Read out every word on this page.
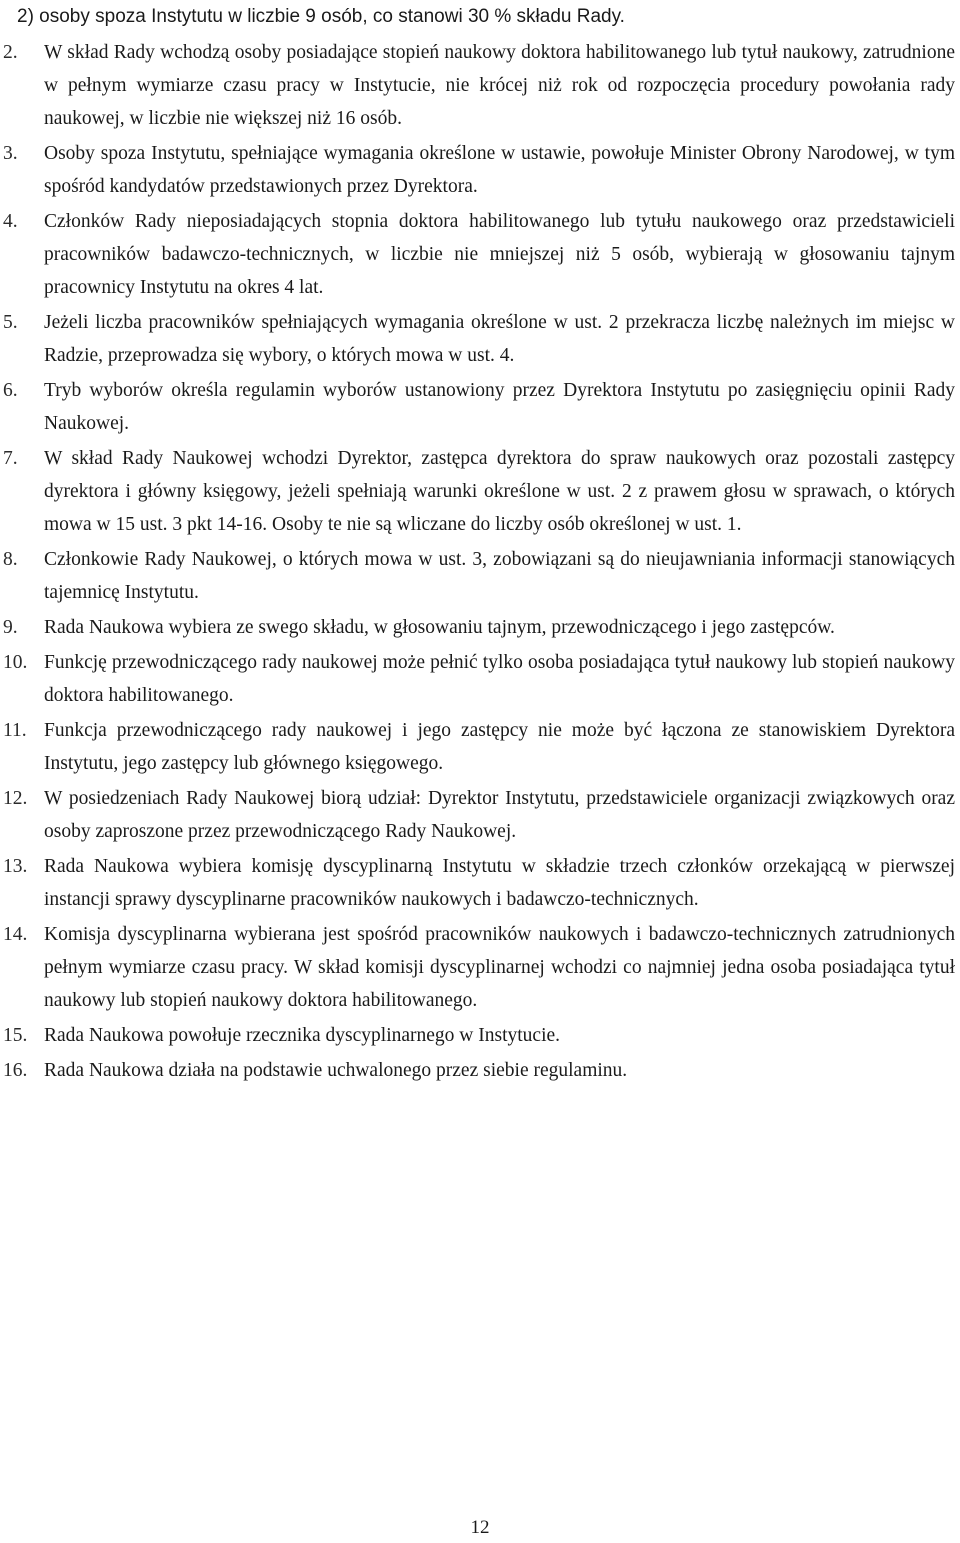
2) osoby spoza Instytutu w liczbie 9 osób, co stanowi 30 % składu Rady.
2. W skład Rady wchodzą osoby posiadające stopień naukowy doktora habilitowanego lub tytuł naukowy, zatrudnione w pełnym wymiarze czasu pracy w Instytucie, nie krócej niż rok od rozpoczęcia procedury powołania rady naukowej, w liczbie nie większej niż 16 osób.
3. Osoby spoza Instytutu, spełniające wymagania określone w ustawie, powołuje Minister Obrony Narodowej, w tym spośród kandydatów przedstawionych przez Dyrektora.
4. Członków Rady nieposiadających stopnia doktora habilitowanego lub tytułu naukowego oraz przedstawicieli pracowników badawczo-technicznych, w liczbie nie mniejszej niż 5 osób, wybierają w głosowaniu tajnym pracownicy Instytutu na okres 4 lat.
5. Jeżeli liczba pracowników spełniających wymagania określone w ust. 2 przekracza liczbę należnych im miejsc w Radzie, przeprowadza się wybory, o których mowa w ust. 4.
6. Tryb wyborów określa regulamin wyborów ustanowiony przez Dyrektora Instytutu po zasięgnięciu opinii Rady Naukowej.
7. W skład Rady Naukowej wchodzi Dyrektor, zastępca dyrektora do spraw naukowych oraz pozostali zastępcy dyrektora i główny księgowy, jeżeli spełniają warunki określone w ust. 2 z prawem głosu w sprawach, o których mowa w 15 ust. 3 pkt 14-16. Osoby te nie są wliczane do liczby osób określonej w ust. 1.
8. Członkowie Rady Naukowej, o których mowa w ust. 3, zobowiązani są do nieujawniania informacji stanowiących tajemnicę Instytutu.
9. Rada Naukowa wybiera ze swego składu, w głosowaniu tajnym, przewodniczącego i jego zastępców.
10. Funkcję przewodniczącego rady naukowej może pełnić tylko osoba posiadająca tytuł naukowy lub stopień naukowy doktora habilitowanego.
11. Funkcja przewodniczącego rady naukowej i jego zastępcy nie może być łączona ze stanowiskiem Dyrektora Instytutu, jego zastępcy lub głównego księgowego.
12. W posiedzeniach Rady Naukowej biorą udział: Dyrektor Instytutu, przedstawiciele organizacji związkowych oraz osoby zaproszone przez przewodniczącego Rady Naukowej.
13. Rada Naukowa wybiera komisję dyscyplinarną Instytutu w składzie trzech członków orzekającą w pierwszej instancji sprawy dyscyplinarne pracowników naukowych i badawczo-technicznych.
14. Komisja dyscyplinarna wybierana jest spośród pracowników naukowych i badawczo-technicznych zatrudnionych pełnym wymiarze czasu pracy. W skład komisji dyscyplinarnej wchodzi co najmniej jedna osoba posiadająca tytuł naukowy lub stopień naukowy doktora habilitowanego.
15. Rada Naukowa powołuje rzecznika dyscyplinarnego w Instytucie.
16. Rada Naukowa działa na podstawie uchwalonego przez siebie regulaminu.
12
